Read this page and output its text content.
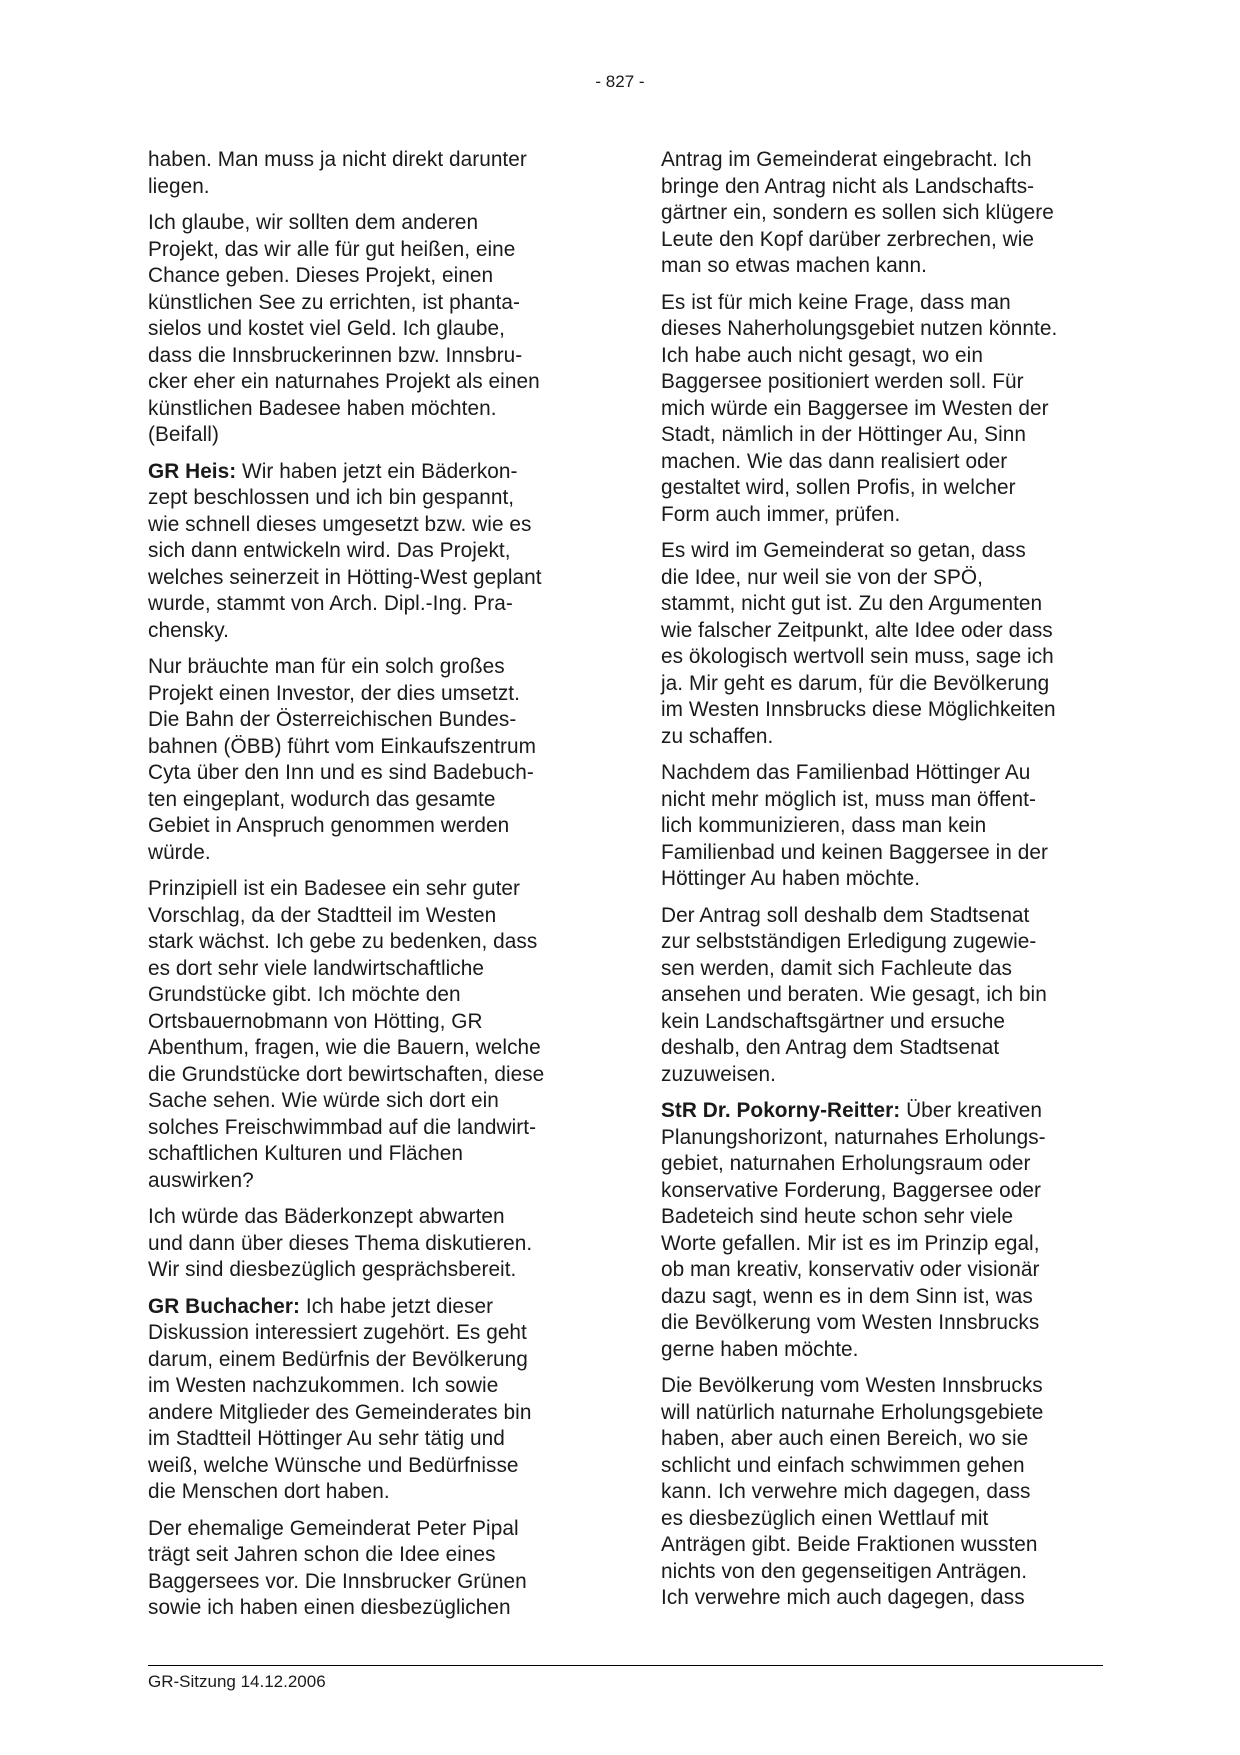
- 827 -

haben. Man muss ja nicht direkt darunter
liegen.

Ich glaube, wir sollten dem anderen
Projekt, das wir alle für gut heißen, eine
Chance geben. Dieses Projekt, einen
künstlichen See zu errichten, ist phanta-
sielos und kostet viel Geld. Ich glaube,
dass die Innsbruckerinnen bzw. Innsbru-
cker eher ein naturnahes Projekt als einen
künstlichen Badesee haben möchten.
(Beifall)

GR Heis: Wir haben jetzt ein Bäderkon-
zept beschlossen und ich bin gespannt,
wie schnell dieses umgesetzt bzw. wie es
sich dann entwickeln wird. Das Projekt,
welches seinerzeit in Hötting-West geplant
wurde, stammt von Arch. Dipl.-Ing. Pra-
chensky.

Nur bräuchte man für ein solch großes
Projekt einen Investor, der dies umsetzt.
Die Bahn der Österreichischen Bundes-
bahnen (ÖBB) führt vom Einkaufszentrum
Cyta über den Inn und es sind Badebuch-
ten eingeplant, wodurch das gesamte
Gebiet in Anspruch genommen werden
würde.

Prinzipiell ist ein Badesee ein sehr guter
Vorschlag, da der Stadtteil im Westen
stark wächst. Ich gebe zu bedenken, dass
es dort sehr viele landwirtschaftliche
Grundstücke gibt. Ich möchte den
Ortsbauernobmann von Hötting, GR
Abenthum, fragen, wie die Bauern, welche
die Grundstücke dort bewirtschaften, diese
Sache sehen. Wie würde sich dort ein
solches Freischwimmbad auf die landwirt-
schaftlichen Kulturen und Flächen
auswirken?

Ich würde das Bäderkonzept abwarten
und dann über dieses Thema diskutieren.
Wir sind diesbezüglich gesprächsbereit.

GR Buchacher: Ich habe jetzt dieser
Diskussion interessiert zugehört. Es geht
darum, einem Bedürfnis der Bevölkerung
im Westen nachzukommen. Ich sowie
andere Mitglieder des Gemeinderates bin
im Stadtteil Höttinger Au sehr tätig und
weiß, welche Wünsche und Bedürfnisse
die Menschen dort haben.

Der ehemalige Gemeinderat Peter Pipal
trägt seit Jahren schon die Idee eines
Baggersees vor. Die Innsbrucker Grünen
sowie ich haben einen diesbezüglichen

Antrag im Gemeinderat eingebracht. Ich
bringe den Antrag nicht als Landschafts-
gärtner ein, sondern es sollen sich klügere
Leute den Kopf darüber zerbrechen, wie
man so etwas machen kann.

Es ist für mich keine Frage, dass man
dieses Naherholungsgebiet nutzen könnte.
Ich habe auch nicht gesagt, wo ein
Baggersee positioniert werden soll. Für
mich würde ein Baggersee im Westen der
Stadt, nämlich in der Höttinger Au, Sinn
machen. Wie das dann realisiert oder
gestaltet wird, sollen Profis, in welcher
Form auch immer, prüfen.

Es wird im Gemeinderat so getan, dass
die Idee, nur weil sie von der SPÖ,
stammt, nicht gut ist. Zu den Argumenten
wie falscher Zeitpunkt, alte Idee oder dass
es ökologisch wertvoll sein muss, sage ich
ja. Mir geht es darum, für die Bevölkerung
im Westen Innsbrucks diese Möglichkeiten
zu schaffen.

Nachdem das Familienbad Höttinger Au
nicht mehr möglich ist, muss man öffent-
lich kommunizieren, dass man kein
Familienbad und keinen Baggersee in der
Höttinger Au haben möchte.

Der Antrag soll deshalb dem Stadtsenat
zur selbstständigen Erledigung zugewie-
sen werden, damit sich Fachleute das
ansehen und beraten. Wie gesagt, ich bin
kein Landschaftsgärtner und ersuche
deshalb, den Antrag dem Stadtsenat
zuzuweisen.

StR Dr. Pokorny-Reitter: Über kreativen
Planungshorizont, naturnahes Erholungs-
gebiet, naturnahen Erholungsraum oder
konservative Forderung, Baggersee oder
Badeteich sind heute schon sehr viele
Worte gefallen. Mir ist es im Prinzip egal,
ob man kreativ, konservativ oder visionär
dazu sagt, wenn es in dem Sinn ist, was
die Bevölkerung vom Westen Innsbrucks
gerne haben möchte.

Die Bevölkerung vom Westen Innsbrucks
will natürlich naturnahe Erholungsgebiete
haben, aber auch einen Bereich, wo sie
schlicht und einfach schwimmen gehen
kann. Ich verwehre mich dagegen, dass
es diesbezüglich einen Wettlauf mit
Anträgen gibt. Beide Fraktionen wussten
nichts von den gegenseitigen Anträgen.
Ich verwehre mich auch dagegen, dass

GR-Sitzung 14.12.2006
